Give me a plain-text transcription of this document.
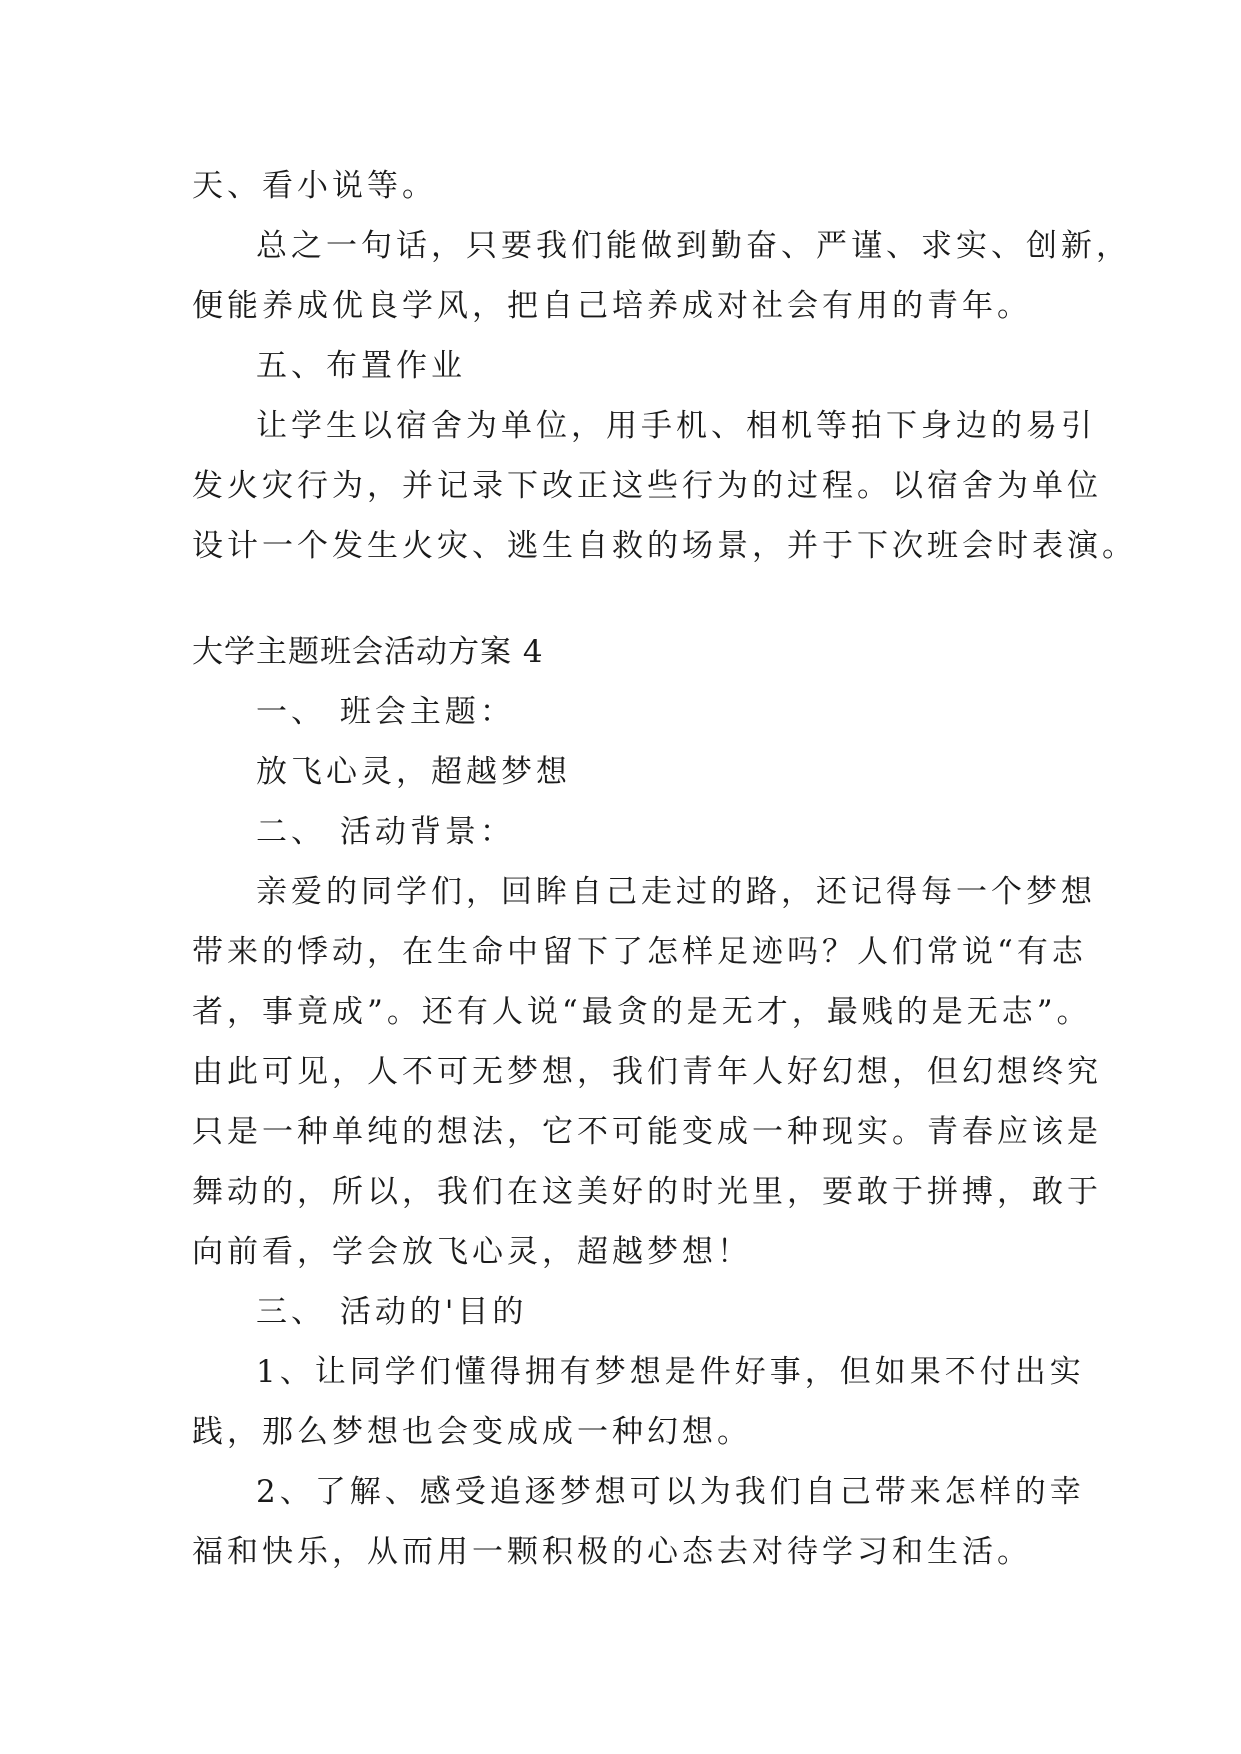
天、看小说等。
总之一句话，只要我们能做到勤奋、严谨、求实、创新，
便能养成优良学风，把自己培养成对社会有用的青年。
五、布置作业
让学生以宿舍为单位，用手机、相机等拍下身边的易引
发火灾行为，并记录下改正这些行为的过程。以宿舍为单位
设计一个发生火灾、逃生自救的场景，并于下次班会时表演。
大学主题班会活动方案 4
一、 班会主题：
放飞心灵，超越梦想
二、 活动背景：
亲爱的同学们，回眸自己走过的路，还记得每一个梦想
带来的悸动，在生命中留下了怎样足迹吗？人们常说“有志
者，事竟成”。还有人说“最贪的是无才，最贱的是无志”。
由此可见，人不可无梦想，我们青年人好幻想，但幻想终究
只是一种单纯的想法，它不可能变成一种现实。青春应该是
舞动的，所以，我们在这美好的时光里，要敢于拼搏，敢于
向前看，学会放飞心灵，超越梦想！
三、 活动的'目的
1、让同学们懂得拥有梦想是件好事，但如果不付出实
践，那么梦想也会变成成一种幻想。
2、了解、感受追逐梦想可以为我们自己带来怎样的幸
福和快乐，从而用一颗积极的心态去对待学习和生活。
